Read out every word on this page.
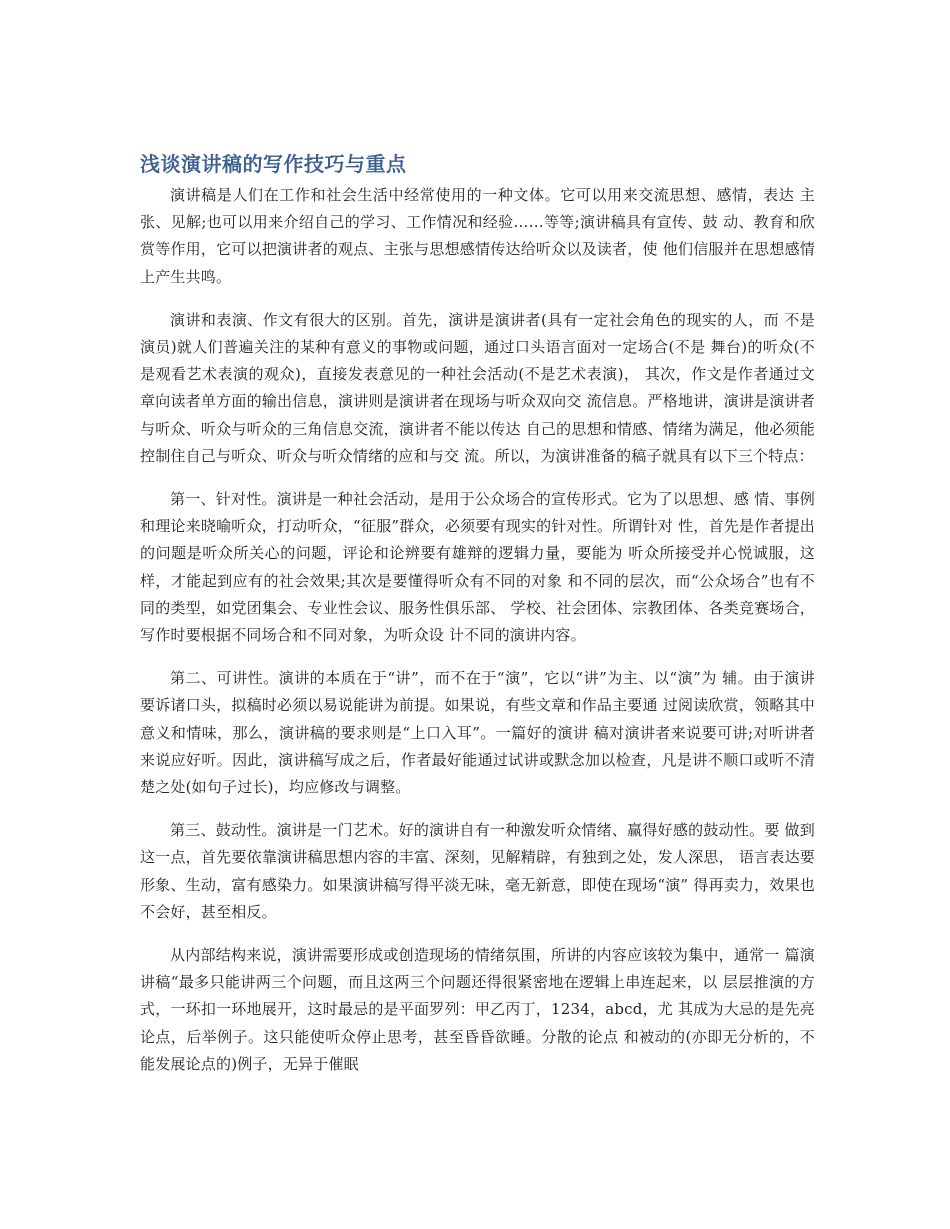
浅谈演讲稿的写作技巧与重点

演讲稿是人们在工作和社会生活中经常使用的一种文体。它可以用来交流思想、感情，表达 主张、见解;也可以用来介绍自己的学习、工作情况和经验……等等;演讲稿具有宣传、鼓 动、教育和欣赏等作用，它可以把演讲者的观点、主张与思想感情传达给听众以及读者，使 他们信服并在思想感情上产生共鸣。

演讲和表演、作文有很大的区别。首先，演讲是演讲者(具有一定社会角色的现实的人，而 不是演员)就人们普遍关注的某种有意义的事物或问题，通过口头语言面对一定场合(不是 舞台)的听众(不是观看艺术表演的观众)，直接发表意见的一种社会活动(不是艺术表演)， 其次，作文是作者通过文章向读者单方面的输出信息，演讲则是演讲者在现场与听众双向交 流信息。严格地讲，演讲是演讲者与听众、听众与听众的三角信息交流，演讲者不能以传达 自己的思想和情感、情绪为满足，他必须能控制住自己与听众、听众与听众情绪的应和与交 流。所以，为演讲准备的稿子就具有以下三个特点：

第一、针对性。演讲是一种社会活动，是用于公众场合的宣传形式。它为了以思想、感 情、事例和理论来晓喻听众，打动听众，“征服”群众，必须要有现实的针对性。所谓针对 性，首先是作者提出的问题是听众所关心的问题，评论和论辨要有雄辩的逻辑力量，要能为 听众所接受并心悦诚服，这样，才能起到应有的社会效果;其次是要懂得听众有不同的对象 和不同的层次，而“公众场合”也有不同的类型，如党团集会、专业性会议、服务性俱乐部、 学校、社会团体、宗教团体、各类竞赛场合，写作时要根据不同场合和不同对象，为听众设 计不同的演讲内容。

第二、可讲性。演讲的本质在于“讲”，而不在于“演”，它以“讲”为主、以“演”为 辅。由于演讲要诉诸口头，拟稿时必须以易说能讲为前提。如果说，有些文章和作品主要通 过阅读欣赏，领略其中意义和情味，那么，演讲稿的要求则是“上口入耳”。一篇好的演讲 稿对演讲者来说要可讲;对听讲者来说应好听。因此，演讲稿写成之后，作者最好能通过试讲或默念加以检查，凡是讲不顺口或听不清楚之处(如句子过长)，均应修改与调整。

第三、鼓动性。演讲是一门艺术。好的演讲自有一种激发听众情绪、赢得好感的鼓动性。要 做到这一点，首先要依靠演讲稿思想内容的丰富、深刻，见解精辟，有独到之处，发人深思， 语言表达要形象、生动，富有感染力。如果演讲稿写得平淡无味，毫无新意，即使在现场“演” 得再卖力，效果也不会好，甚至相反。

从内部结构来说，演讲需要形成或创造现场的情绪氛围，所讲的内容应该较为集中，通常一 篇演讲稿“最多只能讲两三个问题，而且这两三个问题还得很紧密地在逻辑上串连起来，以 层层推演的方式，一环扣一环地展开，这时最忌的是平面罗列：甲乙丙丁，1234，abcd，尤 其成为大忌的是先亮论点，后举例子。这只能使听众停止思考，甚至昏昏欲睡。分散的论点 和被动的(亦即无分析的，不能发展论点的)例子，无异于催眠
